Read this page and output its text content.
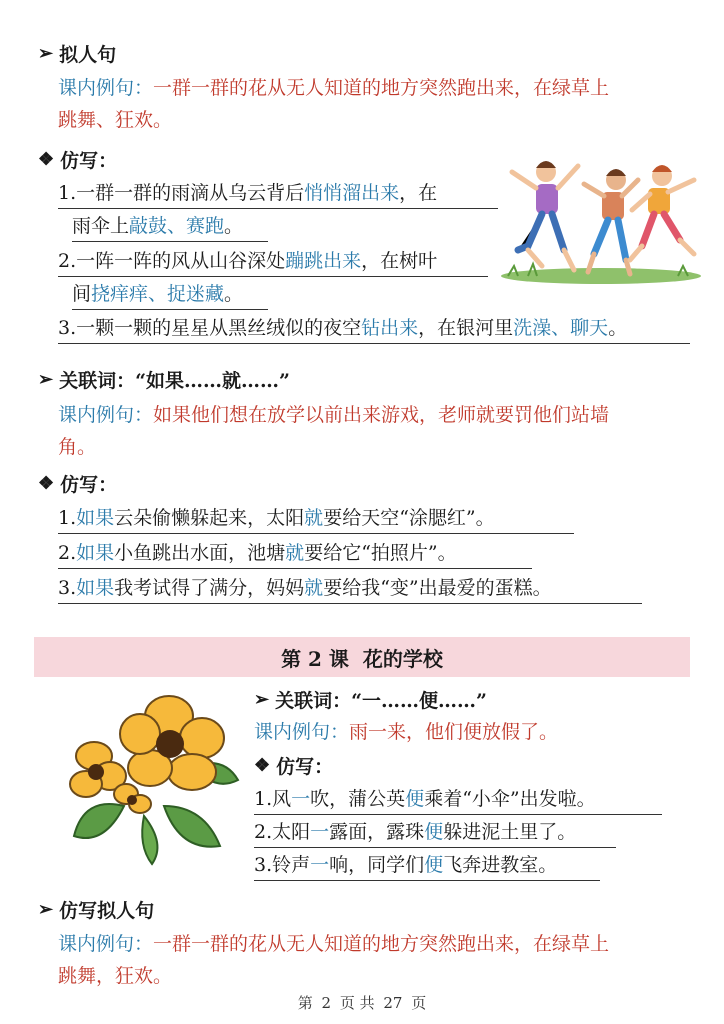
➢ 拟人句
课内例句：一群一群的花从无人知道的地方突然跑出来，在绿草上
跳舞、狂欢。
❖ 仿写：
1.一群一群的雨滴从乌云背后悄悄溜出来，在
雨伞上敲鼓、赛跑。
2.一阵一阵的风从山谷深处蹦跳出来，在树叶
间挠痒痒、捉迷藏。
3.一颗一颗的星星从黑丝绒似的夜空钻出来，在银河里洗澡、聊天。
➢ 关联词：“如果……就……”
课内例句：如果他们想在放学以前出来游戏，老师就要罚他们站墙
角。
❖ 仿写：
1.如果云朵偷懒躲起来，太阳就要给天空“涂腮红”。
2.如果小鱼跳出水面，池塘就要给它“拍照片”。
3.如果我考试得了满分，妈妈就要给我“变”出最爱的蛋糕。
第 2 课 花的学校
➢ 关联词：“一……便……”
课内例句：雨一来，他们便放假了。
❖ 仿写：
1.风一吹，蒲公英便乘着“小伞”出发啦。
2.太阳一露面，露珠便躲进泥土里了。
3.铃声一响，同学们便飞奔进教室。
➢ 仿写拟人句
课内例句：一群一群的花从无人知道的地方突然跑出来，在绿草上
跳舞，狂欢。
第 2 页 共 27 页
